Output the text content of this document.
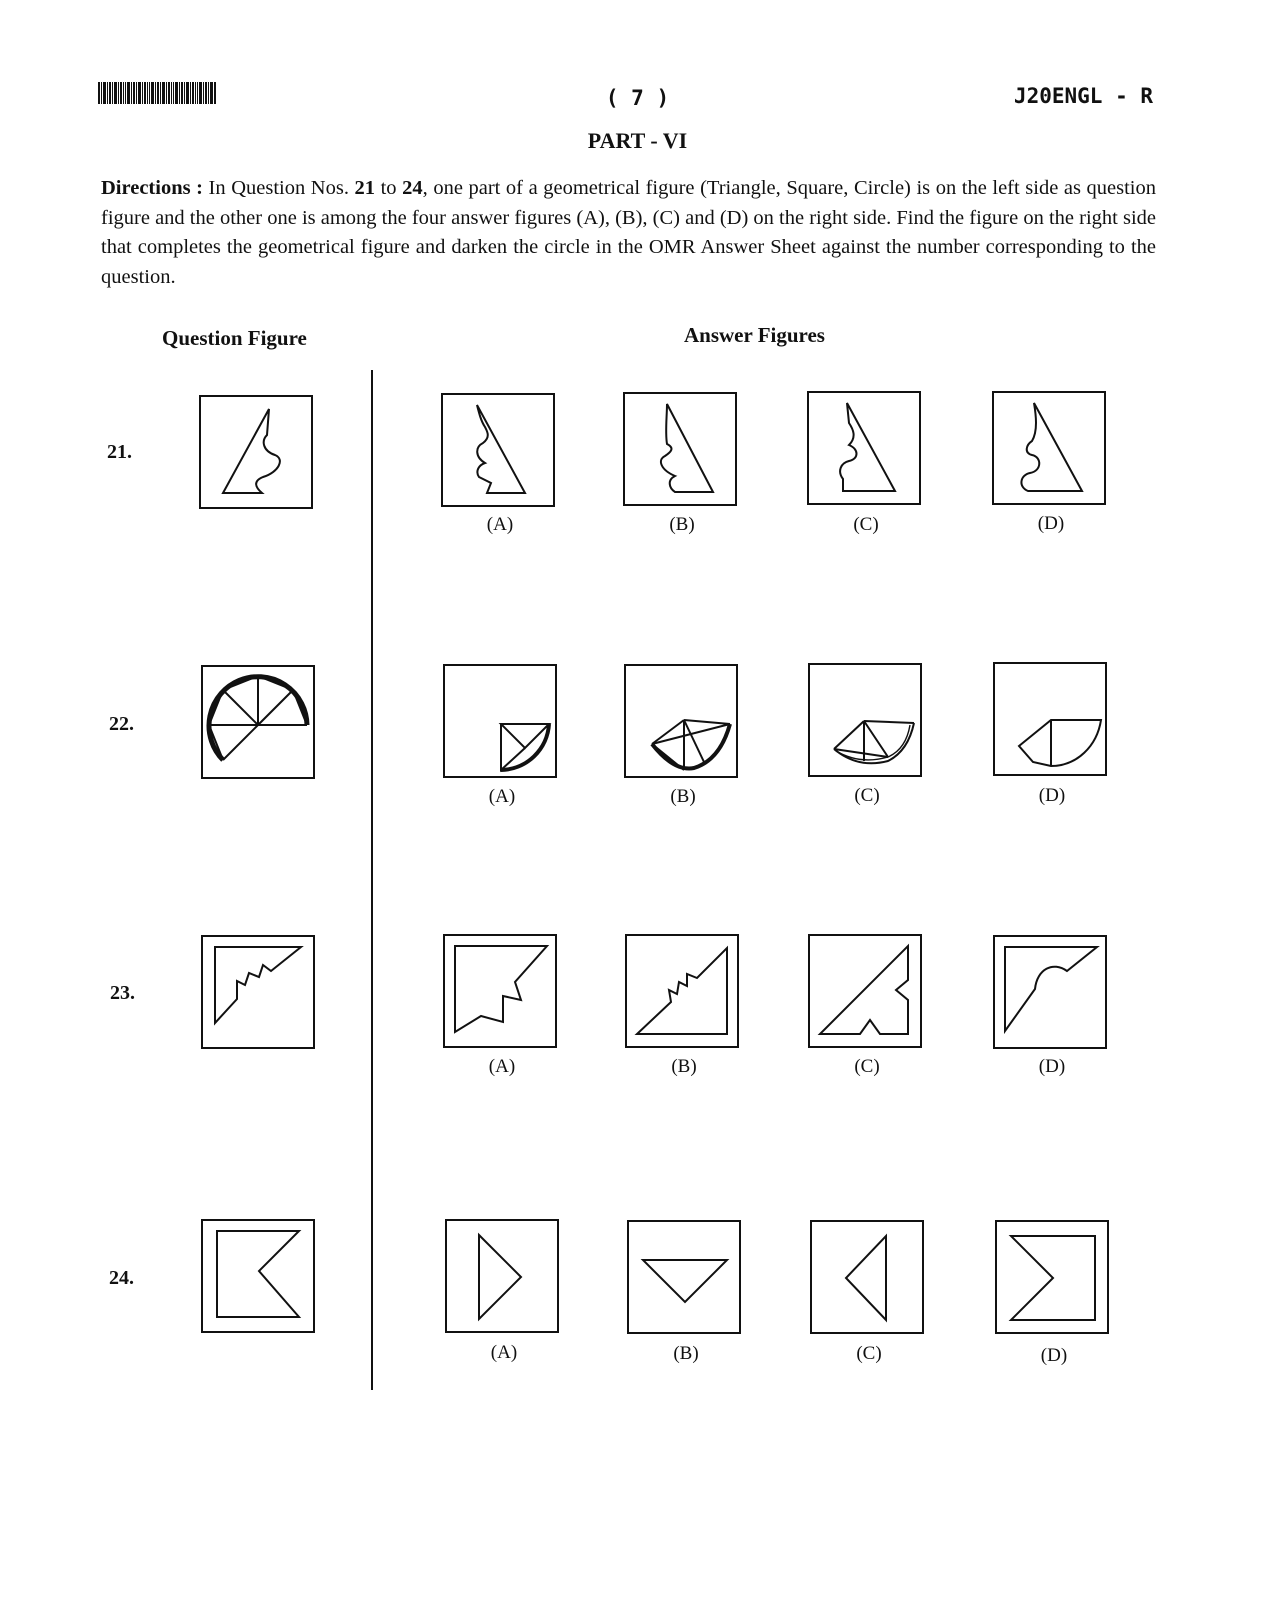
( 7 )	J20ENGL - R
PART - VI
Directions : In Question Nos. 21 to 24, one part of a geometrical figure (Triangle, Square, Circle) is on the left side as question figure and the other one is among the four answer figures (A), (B), (C) and (D) on the right side. Find the figure on the right side that completes the geometrical figure and darken the circle in the OMR Answer Sheet against the number corresponding to the question.
Question Figure	Answer Figures
21.
(A)	(B)	(C)	(D)
22.
(A)	(B)	(C)	(D)
23.
(A)	(B)	(C)	(D)
24.
(A)	(B)	(C)	(D)
